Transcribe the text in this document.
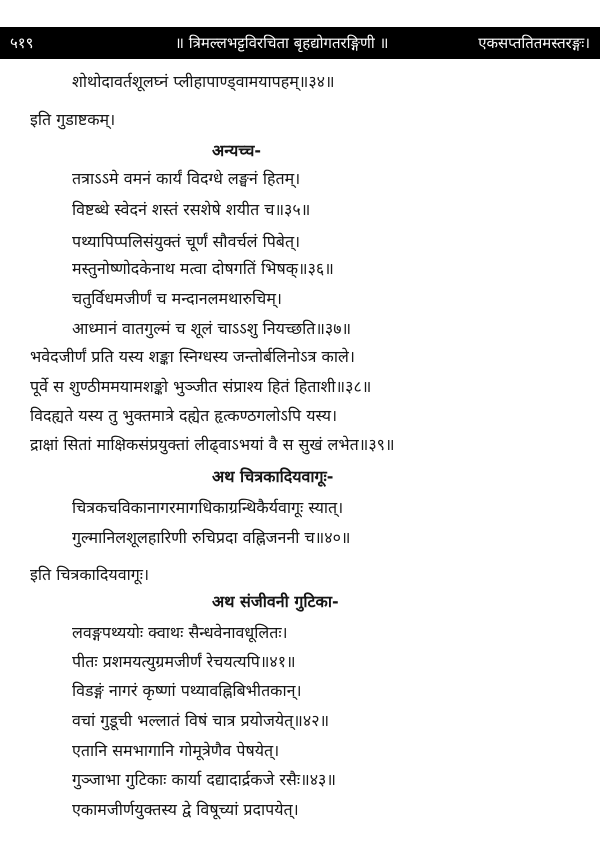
५१९	॥ त्रिमल्लभट्टविरचिता बृहद्योगतरङ्गिणी ॥	एकसप्ततितमस्तरङ्गः।
शोथोदावर्तशूलघ्नं प्लीहापाण्ड्वामयापहम्॥३४॥
इति गुडाष्टकम्।
अन्यच्च-
तत्राऽऽमे वमनं कार्यं विदग्धे लङ्घनं हितम्।
विष्टब्धे स्वेदनं शस्तं रसशेषे शयीत च॥३५॥
पथ्यापिप्पलिसंयुक्तं चूर्णं सौवर्चलं पिबेत्।
मस्तुनोष्णोदकेनाथ मत्वा दोषगतिं भिषक्॥३६॥
चतुर्विधमजीर्णं च मन्दानलमथारुचिम्।
आध्मानं वातगुल्मं च शूलं चाऽऽशु नियच्छति॥३७॥
भवेदजीर्णं प्रति यस्य शङ्का स्निग्धस्य जन्तोर्बलिनोऽत्र काले।
पूर्वे स शुण्ठीममयामशङ्को भुञ्जीत संप्राश्य हितं हिताशी॥३८॥
विदह्यते यस्य तु भुक्तमात्रे दह्येत हृत्कण्ठगलोऽपि यस्य।
द्राक्षां सितां माक्षिकसंप्रयुक्तां लीढ्वाऽभयां वै स सुखं लभेत॥३९॥
अथ चित्रकादियवागूः-
चित्रकचविकानागरमागधिकाग्रन्थिकैर्यवागूः स्यात्।
गुल्मानिलशूलहारिणी रुचिप्रदा वह्निजननी च॥४०॥
इति चित्रकादियवागूः।
अथ संजीवनी गुटिका-
लवङ्गपथ्ययोः क्वाथः सैन्धवेनावधूलितः।
पीतः प्रशमयत्युग्रमजीर्णं रेचयत्यपि॥४१॥
विडङ्गं नागरं कृष्णां पथ्यावह्निबिभीतकान्।
वचां गुडूची भल्लातं विषं चात्र प्रयोजयेत्॥४२॥
एतानि समभागानि गोमूत्रेणैव पेषयेत्।
गुञ्जाभा गुटिकाः कार्या दद्यादार्द्रकजे रसैः॥४३॥
एकामजीर्णयुक्तस्य द्वे विषूच्यां प्रदापयेत्।
